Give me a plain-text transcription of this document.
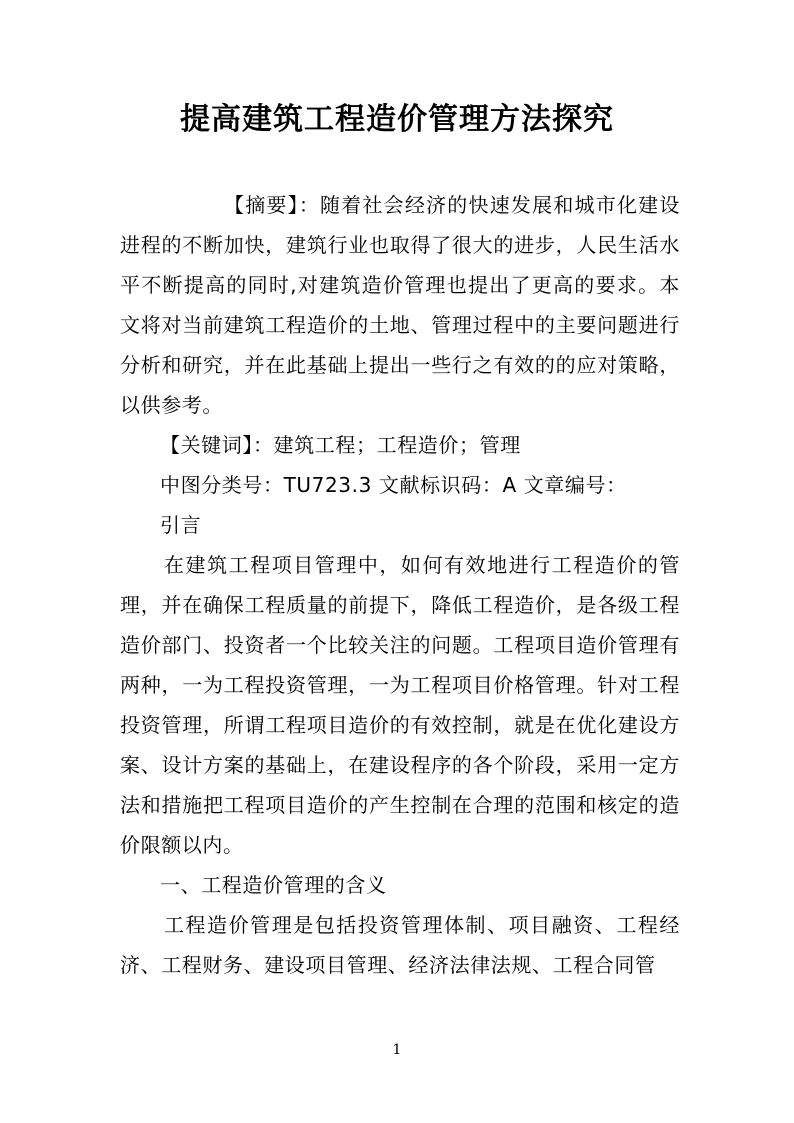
提高建筑工程造价管理方法探究

【摘要】：随着社会经济的快速发展和城市化建设进程的不断加快，建筑行业也取得了很大的进步，人民生活水平不断提高的同时,对建筑造价管理也提出了更高的要求。本文将对当前建筑工程造价的土地、管理过程中的主要问题进行分析和研究，并在此基础上提出一些行之有效的的应对策略，以供参考。

【关键词】：建筑工程；工程造价；管理

中图分类号：TU723.3 文献标识码：A 文章编号：

引言

在建筑工程项目管理中，如何有效地进行工程造价的管理，并在确保工程质量的前提下，降低工程造价，是各级工程造价部门、投资者一个比较关注的问题。工程项目造价管理有两种，一为工程投资管理，一为工程项目价格管理。针对工程投资管理，所谓工程项目造价的有效控制，就是在优化建设方案、设计方案的基础上，在建设程序的各个阶段，采用一定方法和措施把工程项目造价的产生控制在合理的范围和核定的造价限额以内。

一、工程造价管理的含义

工程造价管理是包括投资管理体制、项目融资、工程经济、工程财务、建设项目管理、经济法律法规、工程合同管

1
